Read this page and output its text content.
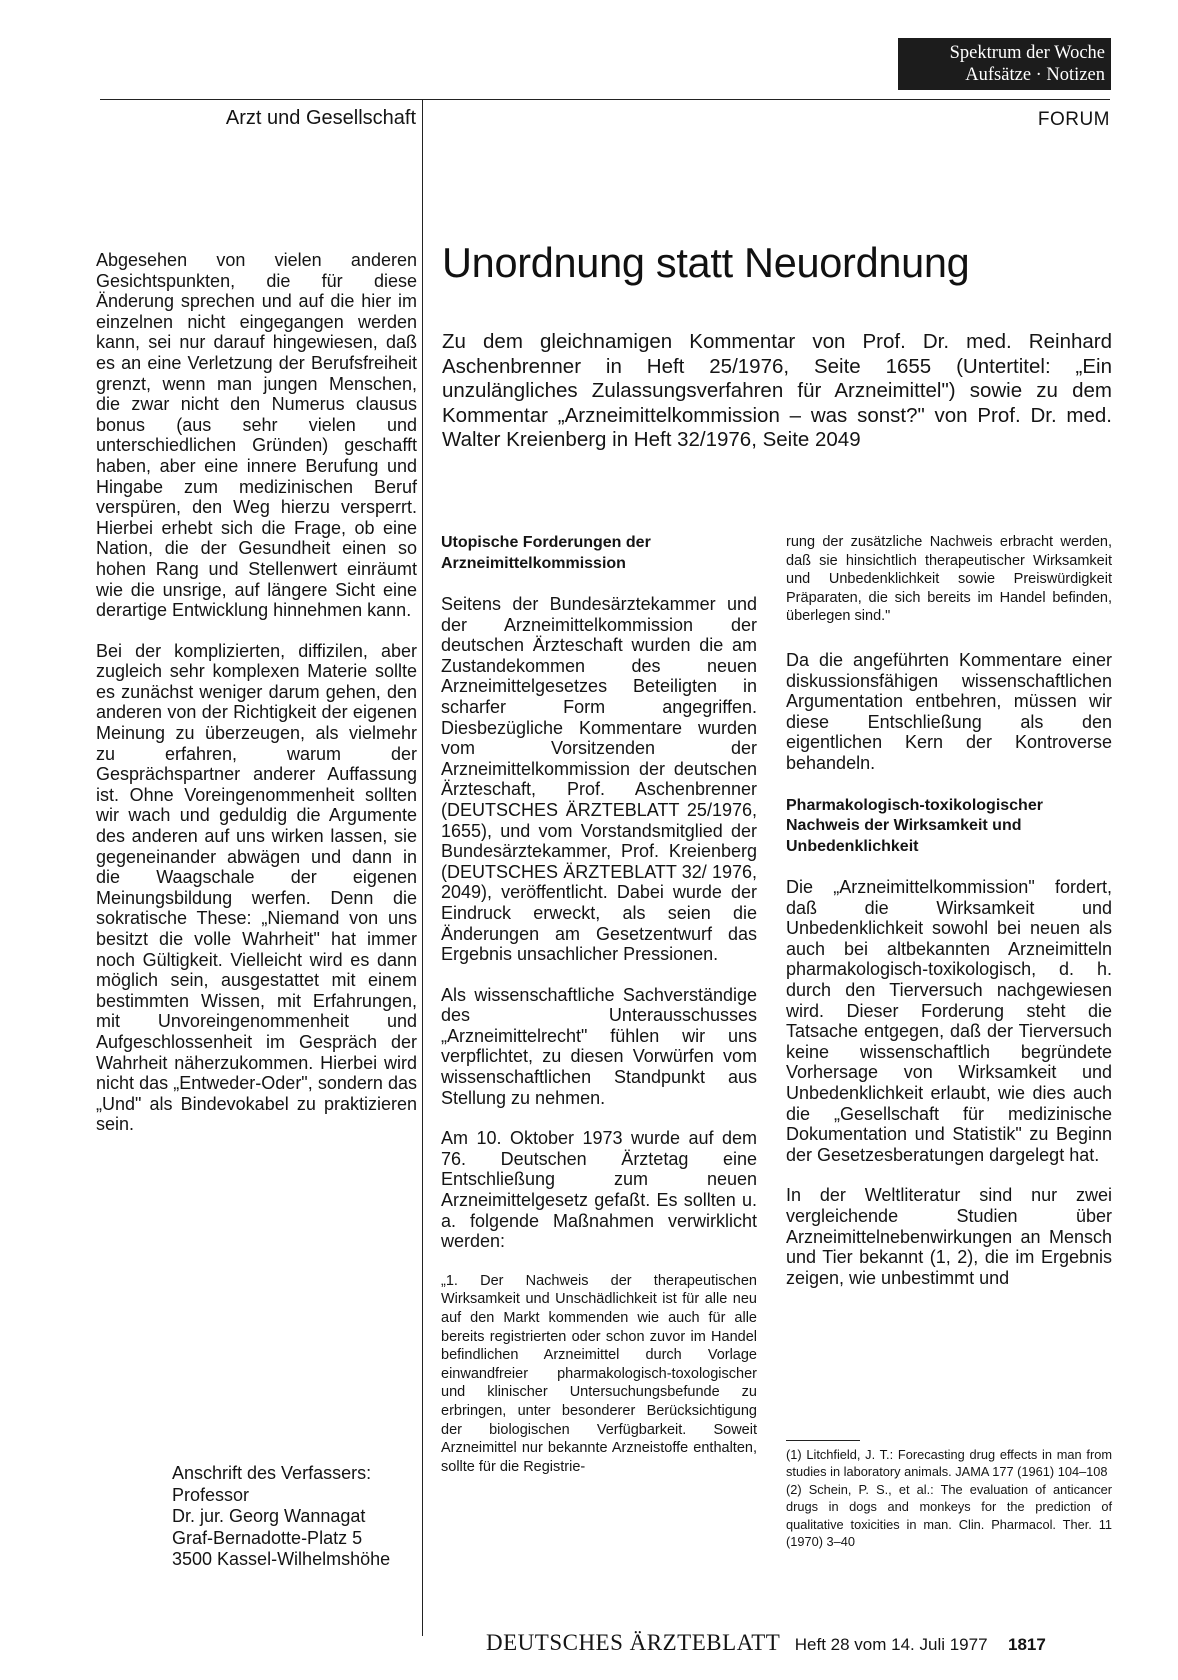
Spektrum der Woche
Aufsätze · Notizen
Arzt und Gesellschaft	FORUM
Unordnung statt Neuordnung
Zu dem gleichnamigen Kommentar von Prof. Dr. med. Reinhard Aschenbrenner in Heft 25/1976, Seite 1655 (Untertitel: „Ein unzulängliches Zulassungsverfahren für Arzneimittel") sowie zu dem Kommentar „Arzneimittelkommission – was sonst?" von Prof. Dr. med. Walter Kreienberg in Heft 32/1976, Seite 2049

Abgesehen von vielen anderen Gesichtspunkten, die für diese Änderung sprechen und auf die hier im einzelnen nicht eingegangen werden kann, sei nur darauf hingewiesen, daß es an eine Verletzung der Berufsfreiheit grenzt, wenn man jungen Menschen, die zwar nicht den Numerus clausus bonus (aus sehr vielen und unterschiedlichen Gründen) geschafft haben, aber eine innere Berufung und Hingabe zum medizinischen Beruf verspüren, den Weg hierzu versperrt. Hierbei erhebt sich die Frage, ob eine Nation, die der Gesundheit einen so hohen Rang und Stellenwert einräumt wie die unsrige, auf längere Sicht eine derartige Entwicklung hinnehmen kann.

Bei der komplizierten, diffizilen, aber zugleich sehr komplexen Materie sollte es zunächst weniger darum gehen, den anderen von der Richtigkeit der eigenen Meinung zu überzeugen, als vielmehr zu erfahren, warum der Gesprächspartner anderer Auffassung ist. Ohne Voreingenommenheit sollten wir wach und geduldig die Argumente des anderen auf uns wirken lassen, sie gegeneinander abwägen und dann in die Waagschale der eigenen Meinungsbildung werfen. Denn die sokratische These: „Niemand von uns besitzt die volle Wahrheit" hat immer noch Gültigkeit. Vielleicht wird es dann möglich sein, ausgestattet mit einem bestimmten Wissen, mit Erfahrungen, mit Unvoreingenommenheit und Aufgeschlossenheit im Gespräch der Wahrheit näherzukommen. Hierbei wird nicht das „Entweder-Oder", sondern das „Und" als Bindevokabel zu praktizieren sein.

Anschrift des Verfassers:
Professor
Dr. jur. Georg Wannagat
Graf-Bernadotte-Platz 5
3500 Kassel-Wilhelmshöhe
Utopische Forderungen der Arzneimittelkommission

Seitens der Bundesärztekammer und der Arzneimittelkommission der deutschen Ärzteschaft wurden die am Zustandekommen des neuen Arzneimittelgesetzes Beteiligten in scharfer Form angegriffen. Diesbezügliche Kommentare wurden vom Vorsitzenden der Arzneimittelkommission der deutschen Ärzteschaft, Prof. Aschenbrenner (DEUTSCHES ÄRZTEBLATT 25/1976, 1655), und vom Vorstandsmitglied der Bundesärztekammer, Prof. Kreienberg (DEUTSCHES ÄRZTEBLATT 32/ 1976, 2049), veröffentlicht. Dabei wurde der Eindruck erweckt, als seien die Änderungen am Gesetzentwurf das Ergebnis unsachlicher Pressionen.

Als wissenschaftliche Sachverständige des Unterausschusses „Arzneimittelrecht" fühlen wir uns verpflichtet, zu diesen Vorwürfen vom wissenschaftlichen Standpunkt aus Stellung zu nehmen.

Am 10. Oktober 1973 wurde auf dem 76. Deutschen Ärztetag eine Entschließung zum neuen Arzneimittelgesetz gefaßt. Es sollten u. a. folgende Maßnahmen verwirklicht werden:

„1. Der Nachweis der therapeutischen Wirksamkeit und Unschädlichkeit ist für alle neu auf den Markt kommenden wie auch für alle bereits registrierten oder schon zuvor im Handel befindlichen Arzneimittel durch Vorlage einwandfreier pharmakologisch-toxologischer und klinischer Untersuchungsbefunde zu erbringen, unter besonderer Berücksichtigung der biologischen Verfügbarkeit. Soweit Arzneimittel nur bekannte Arzneistoffe enthalten, sollte für die Registrie-

rung der zusätzliche Nachweis erbracht werden, daß sie hinsichtlich therapeutischer Wirksamkeit und Unbedenklichkeit sowie Preiswürdigkeit Präparaten, die sich bereits im Handel befinden, überlegen sind."

Da die angeführten Kommentare einer diskussionsfähigen wissenschaftlichen Argumentation entbehren, müssen wir diese Entschließung als den eigentlichen Kern der Kontroverse behandeln.

Pharmakologisch-toxikologischer Nachweis der Wirksamkeit und Unbedenklichkeit

Die „Arzneimittelkommission" fordert, daß die Wirksamkeit und Unbedenklichkeit sowohl bei neuen als auch bei altbekannten Arzneimitteln pharmakologisch-toxikologisch, d. h. durch den Tierversuch nachgewiesen wird. Dieser Forderung steht die Tatsache entgegen, daß der Tierversuch keine wissenschaftlich begründete Vorhersage von Wirksamkeit und Unbedenklichkeit erlaubt, wie dies auch die „Gesellschaft für medizinische Dokumentation und Statistik" zu Beginn der Gesetzesberatungen dargelegt hat.

In der Weltliteratur sind nur zwei vergleichende Studien über Arzneimittelnebenwirkungen an Mensch und Tier bekannt (1, 2), die im Ergebnis zeigen, wie unbestimmt und

(1) Litchfield, J. T.: Forecasting drug effects in man from studies in laboratory animals. JAMA 177 (1961) 104–108
(2) Schein, P. S., et al.: The evaluation of anticancer drugs in dogs and monkeys for the prediction of qualitative toxicities in man. Clin. Pharmacol. Ther. 11 (1970) 3–40
DEUTSCHES ÄRZTEBLATT Heft 28 vom 14. Juli 1977 1817
